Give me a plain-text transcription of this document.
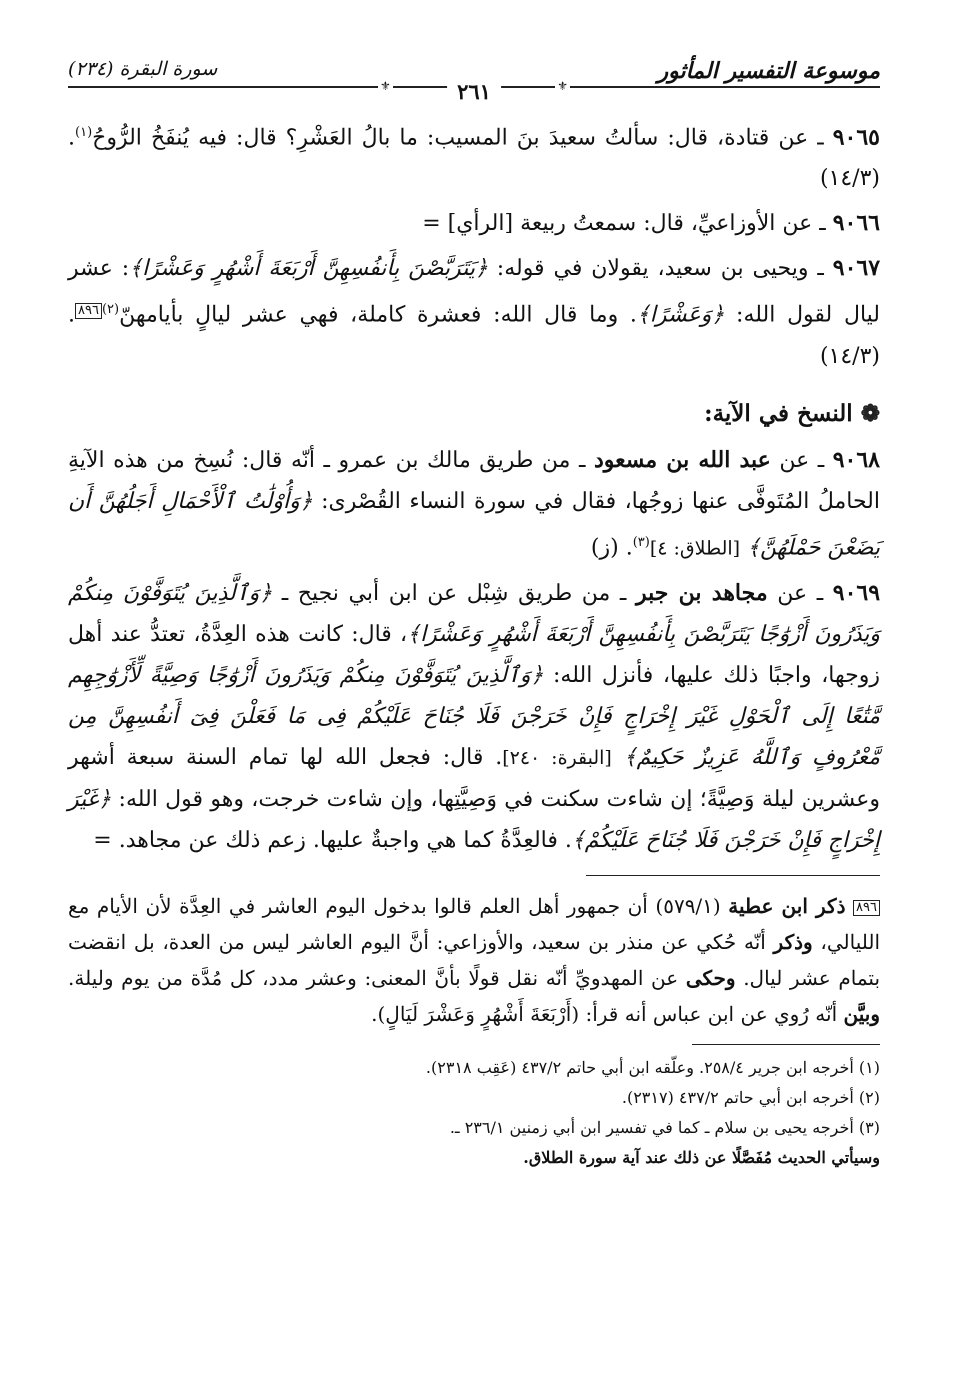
موسوعة التفسير المأثور
سورة البقرة (٢٣٤)
⚜
٢٦١
⚜

٩٠٦٥ ـ عن قتادة، قال: سألتُ سعيدَ بنَ المسيب: ما بالُ العَشْرِ؟ قال: فيه يُنفَخُ الرُّوحُ$^{(١)}$. (١٤/٣)

٩٠٦٦ ـ عن الأوزاعيِّ، قال: سمعتُ ربيعة [الرأي] =

٩٠٦٧ ـ ويحيى بن سعيد، يقولان في قوله: ﴿يَتَرَبَّصْنَ بِأَنفُسِهِنَّ أَرْبَعَةَ أَشْهُرٍ وَعَشْرًا﴾: عشر ليال لقول الله: ﴿وَعَشْرًا﴾. وما قال الله: فعشرة كاملة، فهي عشر ليالٍ بأيامهنّ$^{(٢)}$٨٩٦. (١٤/٣)

❁ النسخ في الآية:

٩٠٦٨ ـ عن عبد الله بن مسعود ـ من طريق مالك بن عمرو ـ أنّه قال: نُسِخ من هذه الآيةِ الحاملُ المُتَوفَّى عنها زوجُها، فقال في سورة النساء القُصْرى: ﴿وَأُوْلَٰتُ ٱلْأَحْمَالِ أَجَلُهُنَّ أَن يَضَعْنَ حَمْلَهُنَّ﴾ [الطلاق: ٤]$^{(٣)}$. (ز)

٩٠٦٩ ـ عن مجاهد بن جبر ـ من طريق شِبْل عن ابن أبي نجيح ـ ﴿وَٱلَّذِينَ يُتَوَفَّوْنَ مِنكُمْ وَيَذَرُونَ أَزْوَٰجًا يَتَرَبَّصْنَ بِأَنفُسِهِنَّ أَرْبَعَةَ أَشْهُرٍ وَعَشْرًا﴾، قال: كانت هذه العِدَّةُ، تعتدُّ عند أهل زوجها، واجبًا ذلك عليها، فأنزل الله: ﴿وَٱلَّذِينَ يُتَوَفَّوْنَ مِنكُمْ وَيَذَرُونَ أَزْوَٰجًا وَصِيَّةً لِّأَزْوَٰجِهِم مَّتَٰعًا إِلَى ٱلْحَوْلِ غَيْرَ إِخْرَاجٍ فَإِنْ خَرَجْنَ فَلَا جُنَاحَ عَلَيْكُمْ فِى مَا فَعَلْنَ فِىٓ أَنفُسِهِنَّ مِن مَّعْرُوفٍ وَٱللَّهُ عَزِيزٌ حَكِيمٌ﴾ [البقرة: ٢٤٠]. قال: فجعل الله لها تمام السنة سبعة أشهر وعشرين ليلة وَصِيَّةً؛ إن شاءت سكنت في وَصِيَّتِها، وإن شاءت خرجت، وهو قول الله: ﴿غَيْرَ إِخْرَاجٍ فَإِنْ خَرَجْنَ فَلَا جُنَاحَ عَلَيْكُمْ﴾. فالعِدَّةُ كما هي واجبةٌ عليها. زعم ذلك عن مجاهد. =

٨٩٦ ذكر ابن عطية (٥٧٩/١) أن جمهور أهل العلم قالوا بدخول اليوم العاشر في العِدَّة لأن الأيام مع الليالي، وذكر أنّه حُكي عن منذر بن سعيد، والأوزاعي: أنَّ اليوم العاشر ليس من العدة، بل انقضت بتمام عشر ليال. وحكى عن المهدويِّ أنّه نقل قولًا بأنَّ المعنى: وعشر مدد، كل مُدَّة من يوم وليلة. وبيَّن أنّه رُوي عن ابن عباس أنه قرأ: (أَرْبَعَةَ أَشْهُرٍ وَعَشْرَ لَيَالٍ).

(١) أخرجه ابن جرير ٢٥٨/٤. وعلّقه ابن أبي حاتم ٤٣٧/٢ (عَقِب ٢٣١٨).
(٢) أخرجه ابن أبي حاتم ٤٣٧/٢ (٢٣١٧).
(٣) أخرجه يحيى بن سلام ـ كما في تفسير ابن أبي زمنين ٢٣٦/١ ـ.
وسيأتي الحديث مُفَصَّلًا عن ذلك عند آية سورة الطلاق.
